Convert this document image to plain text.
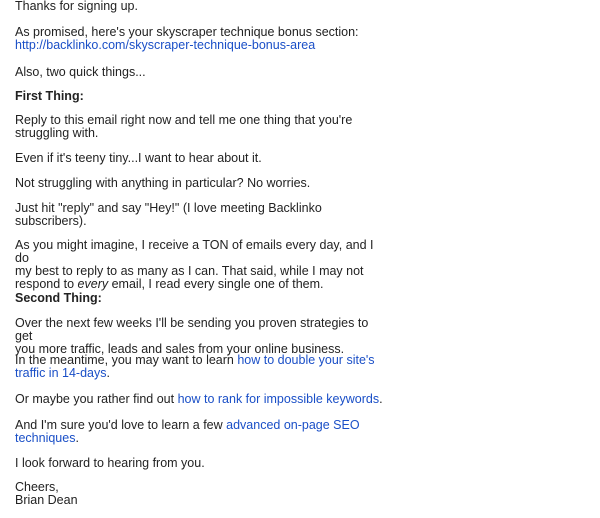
Thanks for signing up.

As promised, here's your skyscraper technique bonus section:
http://backlinko.com/skyscraper-technique-bonus-area

Also, two quick things...

First Thing:

Reply to this email right now and tell me one thing that you're
struggling with.

Even if it's teeny tiny...I want to hear about it.

Not struggling with anything in particular? No worries.

Just hit "reply" and say "Hey!" (I love meeting Backlinko
subscribers).

As you might imagine, I receive a TON of emails every day, and I do
my best to reply to as many as I can. That said, while I may not
respond to every email, I read every single one of them.

Second Thing:

Over the next few weeks I'll be sending you proven strategies to get
you more traffic, leads and sales from your online business.

In the meantime, you may want to learn how to double your site's
traffic in 14-days.

Or maybe you rather find out how to rank for impossible keywords.

And I'm sure you'd love to learn a few advanced on-page SEO
techniques.

I look forward to hearing from you.

Cheers,
Brian Dean
